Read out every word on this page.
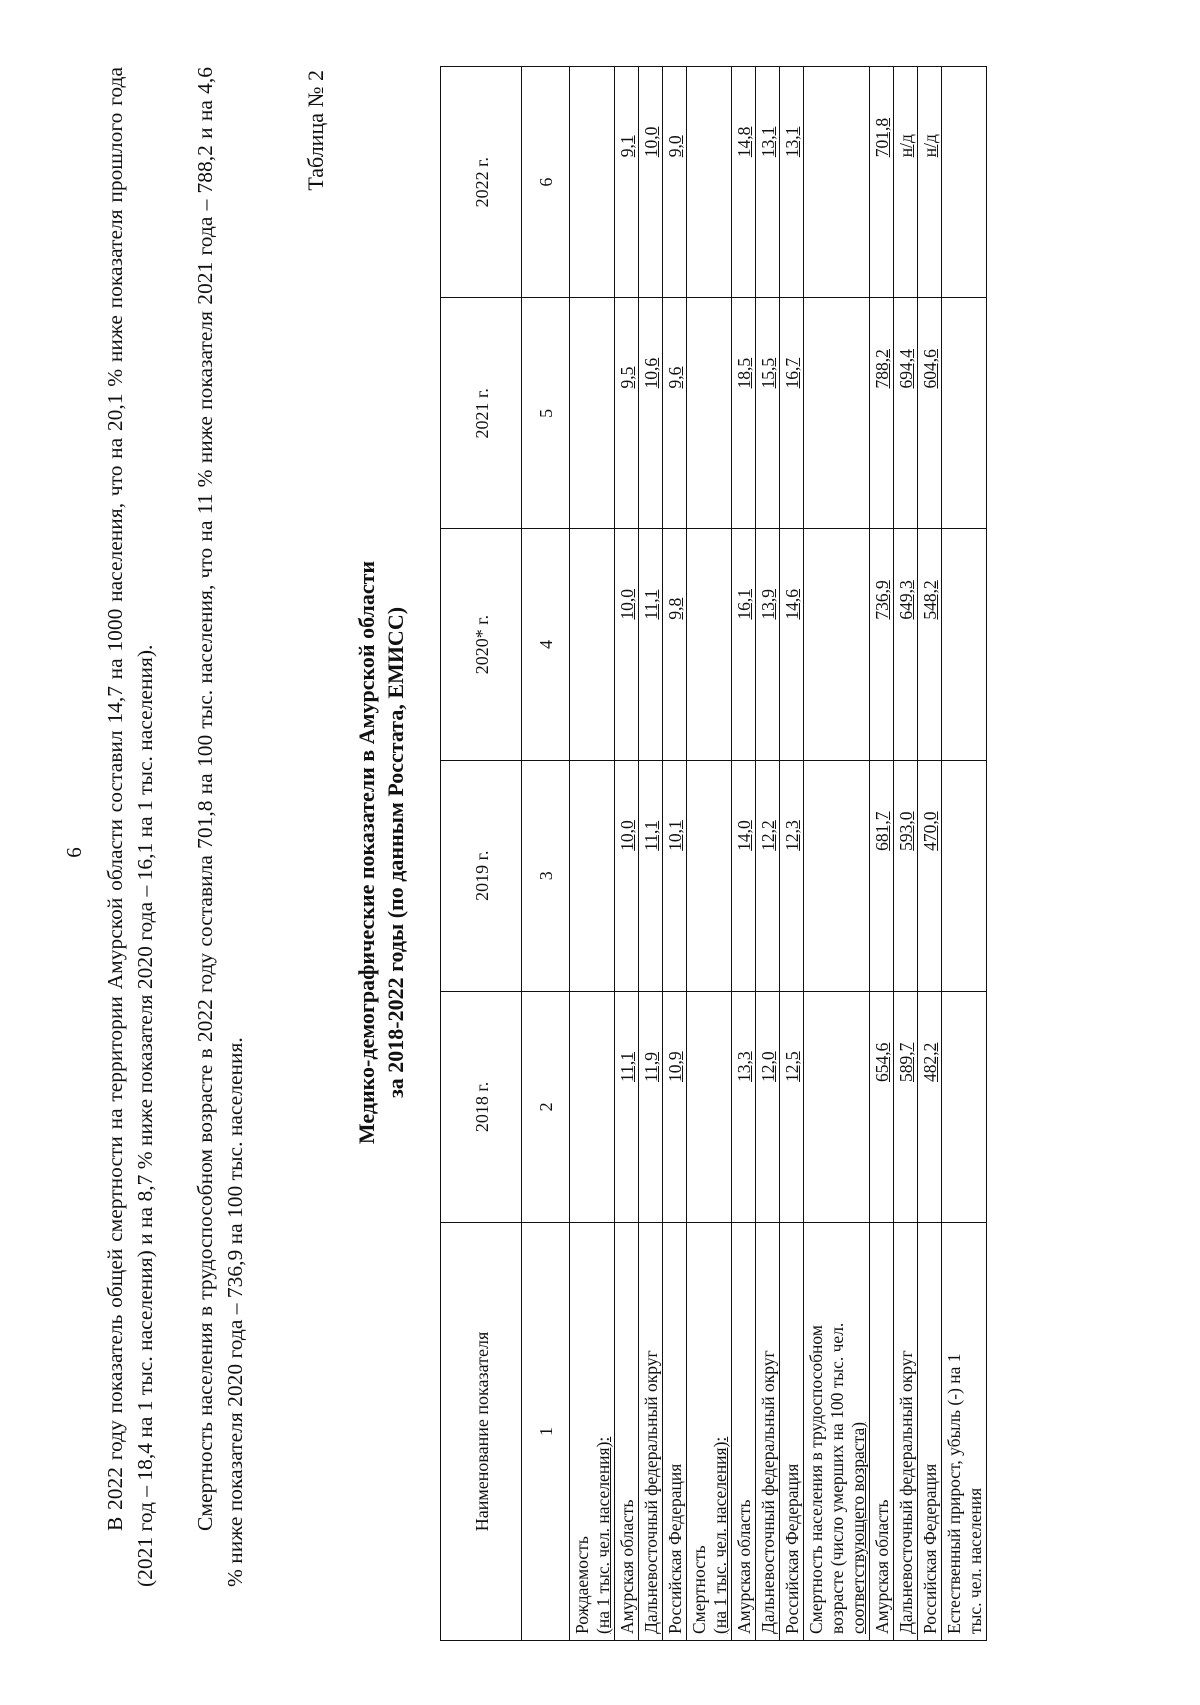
6 В 2022 году показатель общей смертности на территории Амурской области составил 14,7 на 1000 населения, что на 20,1 % ниже показателя прошлого года (2021 год – 18,4 на 1 тыс. населения) и на 8,7 % ниже показателя 2020 года – 16,1 на 1 тыс. населения). Смертность населения в трудоспособном возрасте в 2022 году составила 701,8 на 100 тыс. населения, что на 11 % ниже показателя 2021 года – 788,2 и на 4,6 % ниже показателя 2020 года – 736,9 на 100 тыс. населения.
Таблица № 2
Медико-демографические показатели в Амурской области за 2018-2022 годы (по данным Росстата, ЕМИСС)
Наименование показателя	2018 г.	2019 г.	2020* г.	2021 г.	2022 г.
1	2	3	4	5	6

Рождаемость (на 1 тыс. чел. населения):					

Амурская область	11,1	10,0	10,0	9,5	9,1

Дальневосточный федеральный округ	11,9	11,1	11,1	10,6	10,0

Российская Федерация	10,9	10,1	9,8	9,6	9,0

Смертность (на 1 тыс. чел. населения):					

Амурская область	13,3	14,0	16,1	18,5	14,8

Дальневосточный федеральный округ	12,0	12,2	13,9	15,5	13,1

Российская Федерация	12,5	12,3	14,6	16,7	13,1

Смертность населения в трудоспособном возрасте (число умерших на 100 тыс. чел. соответствующего возраста)					

Амурская область	654,6	681,7	736,9	788,2	701,8

Дальневосточный федеральный округ	589,7	593,0	649,3	694,4	н/д

Российская Федерация	482,2	470,0	548,2	604,6	н/д

Естественный прирост, убыль (-) на 1 тыс. чел. населения					
